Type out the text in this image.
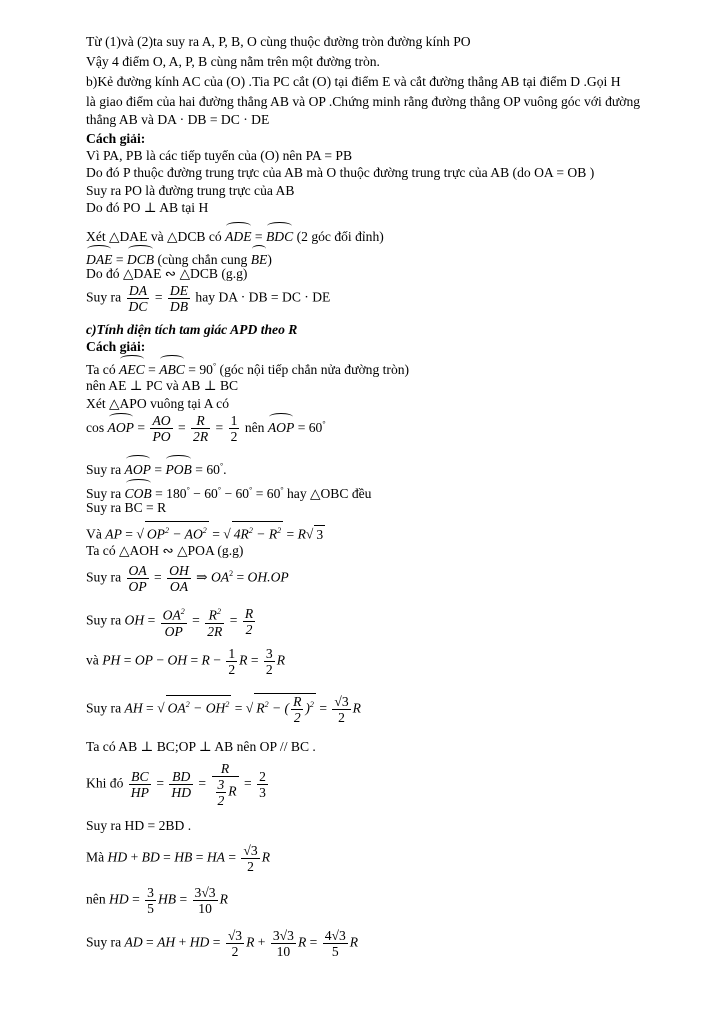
Từ (1)và (2)ta suy ra A, P, B, O cùng thuộc đường tròn đường kính PO
Vậy 4 điểm O, A, P, B cùng nằm trên một đường tròn.
b)Kẻ đường kính AC của (O) .Tia PC cắt (O) tại điểm E và cắt đường thẳng AB tại điểm D .Gọi H
là giao điểm của hai đường thẳng AB và OP .Chứng minh rằng đường thẳng OP vuông góc với đường
thẳng AB và DA · DB = DC · DE
Cách giải:
Vì PA, PB là các tiếp tuyến của (O) nên PA = PB
Do đó P thuộc đường trung trực của AB mà O thuộc đường trung trực của AB (do OA = OB )
Suy ra PO là đường trung trực của AB
Do đó PO ⊥ AB tại H
Xét △DAE và △DCB có ADE = BDC (2 góc đối đỉnh)
DAE = DCB (cùng chắn cung BE)
Do đó △DAE ∾ △DCB (g.g)
Suy ra $\frac{DA}{DC} = \frac{DE}{DB}$ hay DA · DB = DC · DE
c)Tính diện tích tam giác APD theo R
Cách giải:
Ta có AEC = ABC = 90° (góc nội tiếp chắn nửa đường tròn)
nên AE ⊥ PC và AB ⊥ BC
Xét △APO vuông tại A có
cos AOP = $\frac{AO}{PO} = \frac{R}{2R} = \frac{1}{2}$ nên AOP = 60°
Suy ra AOP = POB = 60°.
Suy ra COB = 180° − 60° − 60° = 60° hay △OBC đều
Suy ra BC = R
Và AP = √ $OP^2 - AO^2$ = √ $4R^2 - R^2 = R√$ 3
Ta có △AOH ∾ △POA (g.g)
Suy ra $\frac{OA}{OP} = \frac{OH}{OA}$ ⇒ $OA^2 = OH.OP$
Suy ra OH = $\frac{OA^2}{OP} = \frac{R^2}{2R} = \frac{R}{2}$
và PH = OP − OH = $R - \frac{1}{2}$ $R = \frac{3}{2}$ R
Suy ra AH = √ $OA^2 - OH^2$ = √ $R^2$ − ( $\frac{R}{2} )^2 = \frac{√3}{2}$ R
Ta có AB ⊥ BC;OP ⊥ AB nên OP // BC .
Khi đó $\frac{BC}{HP} = \frac{BD}{HD} = \frac{R}{\frac{3}{2} R} = \frac{2}{3}$
Suy ra HD = 2BD .
Mà HD + BD = HB = HA = $\frac{√3}{2}$ R
nên HD = $\frac{3}{5}$ HB = $\frac{3√3}{10}$ R
Suy ra AD = AH + HD = $\frac{√3}{2}$ $R + \frac{3√3}{10}$ $R = \frac{4√3}{5}$ R
